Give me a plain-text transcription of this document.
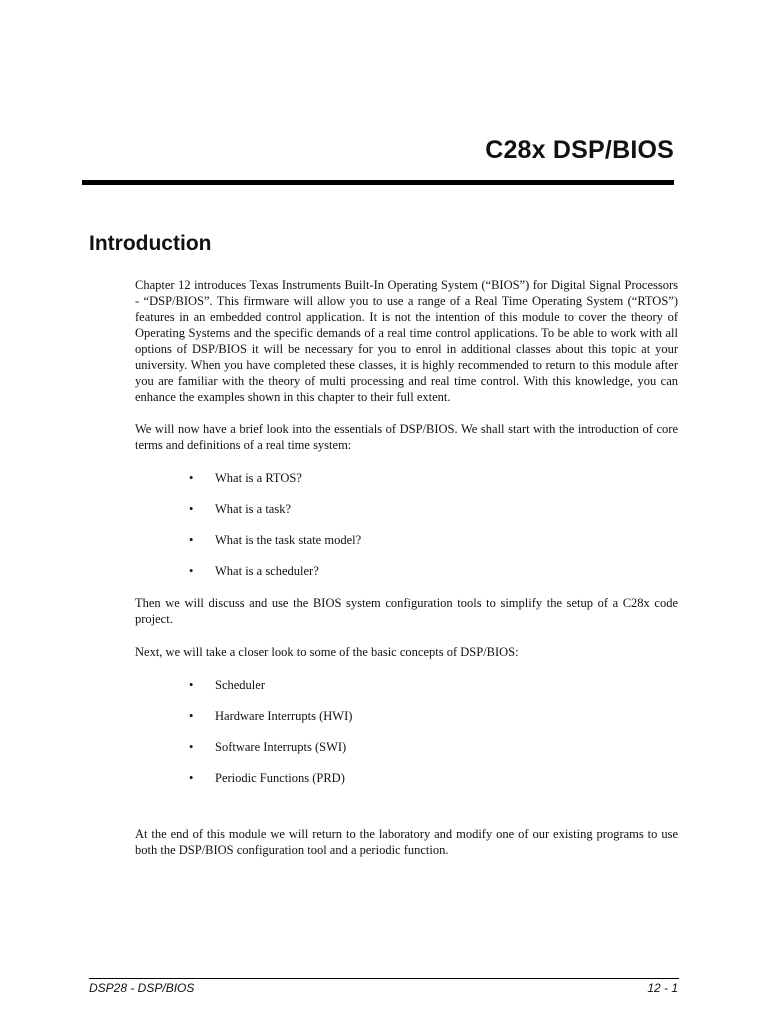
C28x DSP/BIOS
Introduction

Chapter 12 introduces Texas Instruments Built-In Operating System (“BIOS”) for Digital Signal Processors - “DSP/BIOS”. This firmware will allow you to use a range of a Real Time Operating System (“RTOS”) features in an embedded control application. It is not the intention of this module to cover the theory of Operating Systems and the specific demands of a real time control applications. To be able to work with all options of DSP/BIOS it will be necessary for you to enrol in additional classes about this topic at your university. When you have completed these classes, it is highly recommended to return to this module after you are familiar with the theory of multi processing and real time control. With this knowledge, you can enhance the examples shown in this chapter to their full extent.

We will now have a brief look into the essentials of DSP/BIOS. We shall start with the introduction of core terms and definitions of a real time system:

• What is a RTOS?
• What is a task?
• What is the task state model?
• What is a scheduler?

Then we will discuss and use the BIOS system configuration tools to simplify the setup of a C28x code project.

Next, we will take a closer look to some of the basic concepts of DSP/BIOS:

• Scheduler
• Hardware Interrupts (HWI)
• Software Interrupts (SWI)
• Periodic Functions (PRD)

At the end of this module we will return to the laboratory and modify one of our existing programs to use both the DSP/BIOS configuration tool and a periodic function.

DSP28 - DSP/BIOS	12 - 1
